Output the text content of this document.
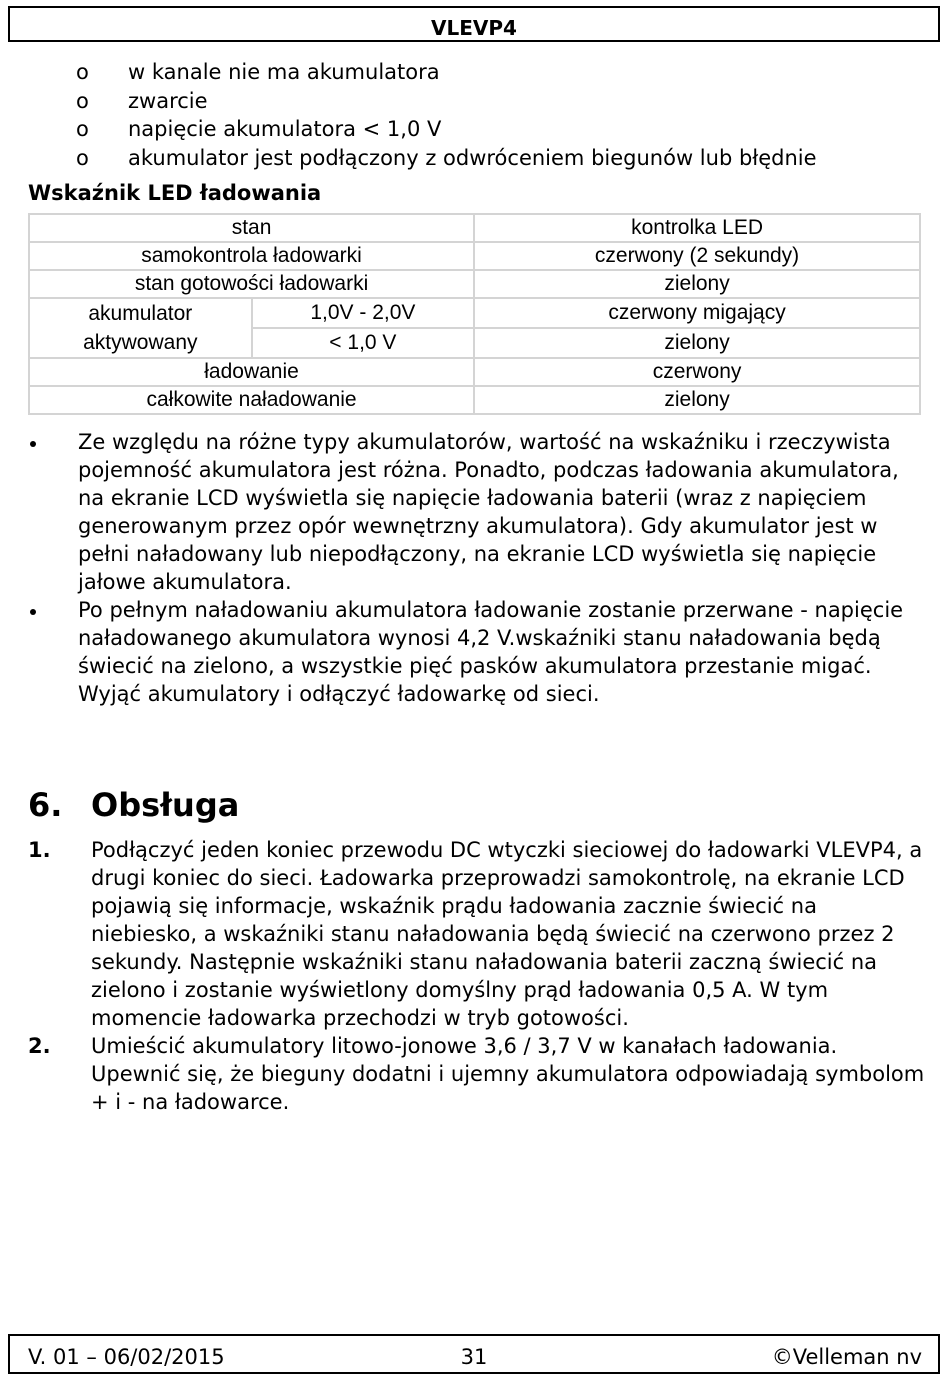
VLEVP4
o w kanale nie ma akumulatora
o zwarcie
o napięcie akumulatora < 1,0 V
o akumulator jest podłączony z odwróceniem biegunów lub błędnie
Wskaźnik LED ładowania
stan		kontrolka LED
samokontrola ładowarki		czerwony (2 sekundy)
stan gotowości ładowarki		zielony
akumulator aktywowany	1,0V - 2,0V	czerwony migający
	< 1,0 V	zielony
ładowanie		czerwony
całkowite naładowanie		zielony
Ze względu na różne typy akumulatorów, wartość na wskaźniku i rzeczywista pojemność akumulatora jest różna. Ponadto, podczas ładowania akumulatora, na ekranie LCD wyświetla się napięcie ładowania baterii (wraz z napięciem generowanym przez opór wewnętrzny akumulatora). Gdy akumulator jest w pełni naładowany lub niepodłączony, na ekranie LCD wyświetla się napięcie jałowe akumulatora.
Po pełnym naładowaniu akumulatora ładowanie zostanie przerwane - napięcie naładowanego akumulatora wynosi 4,2 V.wskaźniki stanu naładowania będą świecić na zielono, a wszystkie pięć pasków akumulatora przestanie migać. Wyjąć akumulatory i odłączyć ładowarkę od sieci.
6. Obsługa
1. Podłączyć jeden koniec przewodu DC wtyczki sieciowej do ładowarki VLEVP4, a drugi koniec do sieci. Ładowarka przeprowadzi samokontrolę, na ekranie LCD pojawią się informacje, wskaźnik prądu ładowania zacznie świecić na niebiesko, a wskaźniki stanu naładowania będą świecić na czerwono przez 2 sekundy. Następnie wskaźniki stanu naładowania baterii zaczną świecić na zielono i zostanie wyświetlony domyślny prąd ładowania 0,5 A. W tym momencie ładowarka przechodzi w tryb gotowości.
2. Umieścić akumulatory litowo-jonowe 3,6 / 3,7 V w kanałach ładowania. Upewnić się, że bieguny dodatni i ujemny akumulatora odpowiadają symbolom + i - na ładowarce.
V. 01 – 06/02/2015	31	©Velleman nv
